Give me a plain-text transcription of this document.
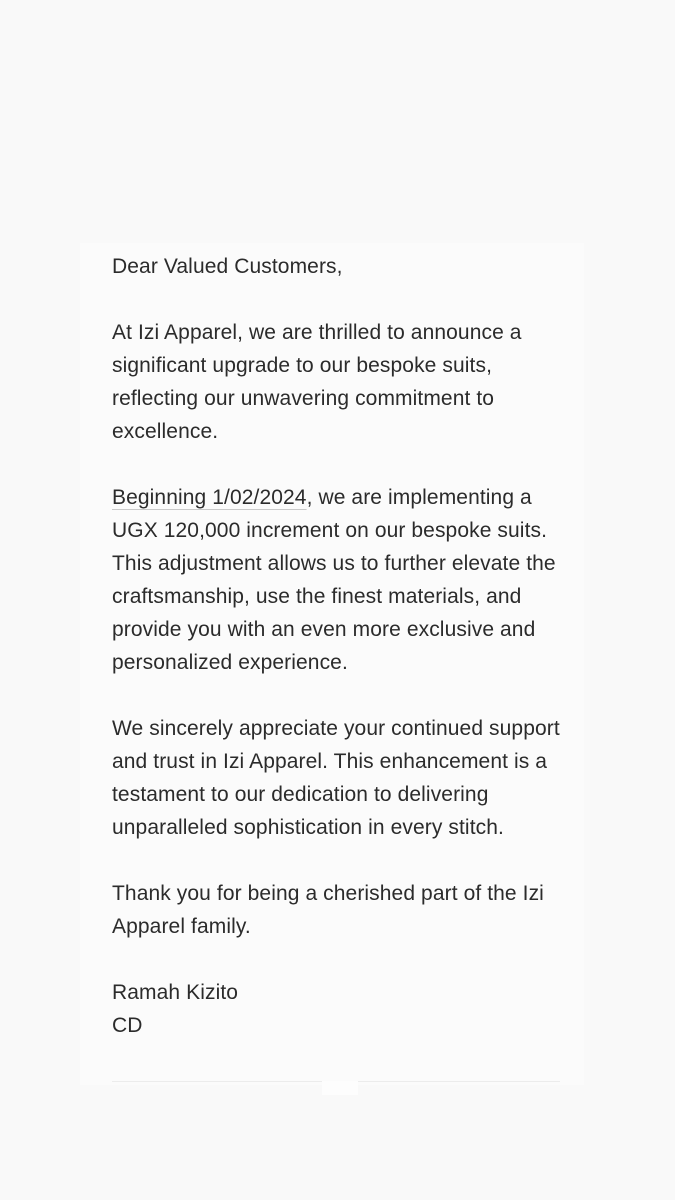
Dear Valued Customers,

At Izi Apparel, we are thrilled to announce a significant upgrade to our bespoke suits, reflecting our unwavering commitment to excellence.

Beginning 1/02/2024, we are implementing a UGX 120,000 increment on our bespoke suits. This adjustment allows us to further elevate the craftsmanship, use the finest materials, and provide you with an even more exclusive and personalized experience.

We sincerely appreciate your continued support and trust in Izi Apparel. This enhancement is a testament to our dedication to delivering unparalleled sophistication in every stitch.

Thank you for being a cherished part of the Izi Apparel family.

Ramah Kizito

CD
